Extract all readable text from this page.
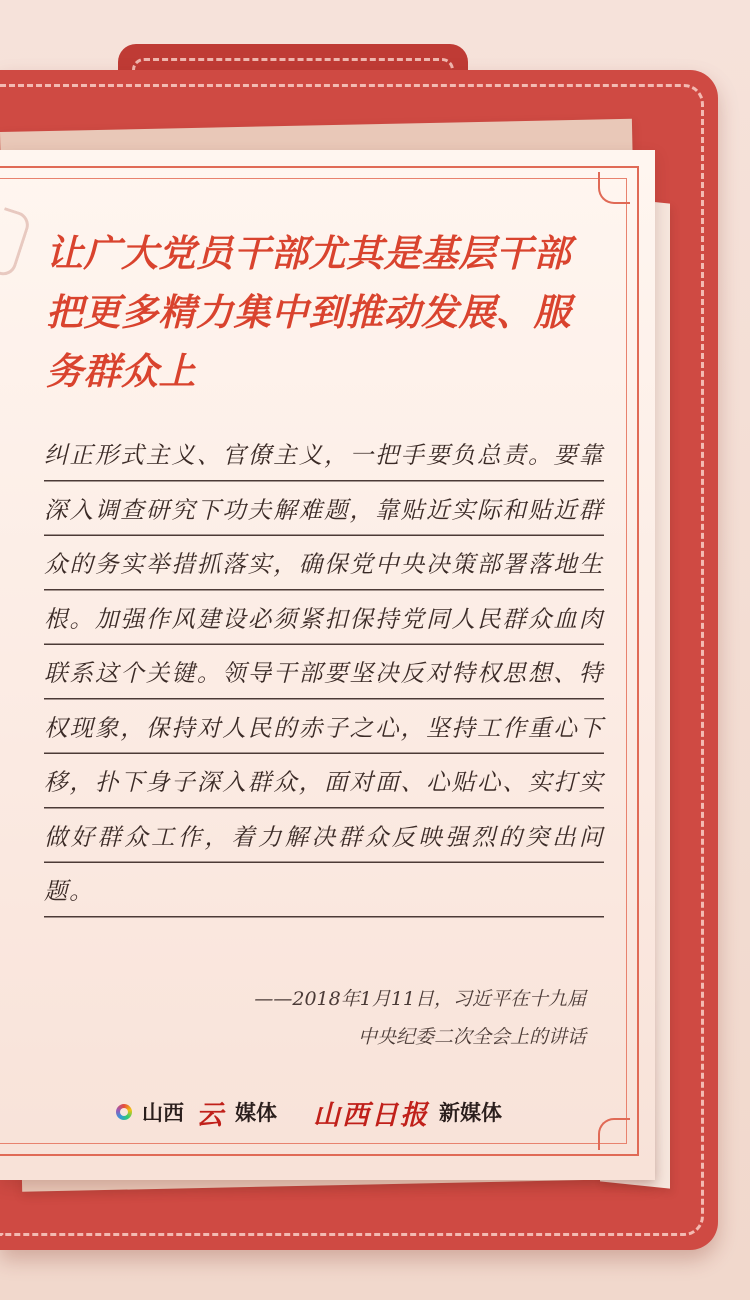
让广大党员干部尤其是基层干部把更多精力集中到推动发展、服务群众上

纠正形式主义、官僚主义，一把手要负总责。要靠深入调查研究下功夫解难题，靠贴近实际和贴近群众的务实举措抓落实，确保党中央决策部署落地生根。加强作风建设必须紧扣保持党同人民群众血肉联系这个关键。领导干部要坚决反对特权思想、特权现象，保持对人民的赤子之心，坚持工作重心下移，扑下身子深入群众，面对面、心贴心、实打实做好群众工作，着力解决群众反映强烈的突出问题。

——2018年1月11日，习近平在十九届
中央纪委二次全会上的讲话
山西 云 媒体 山西日报 新媒体
